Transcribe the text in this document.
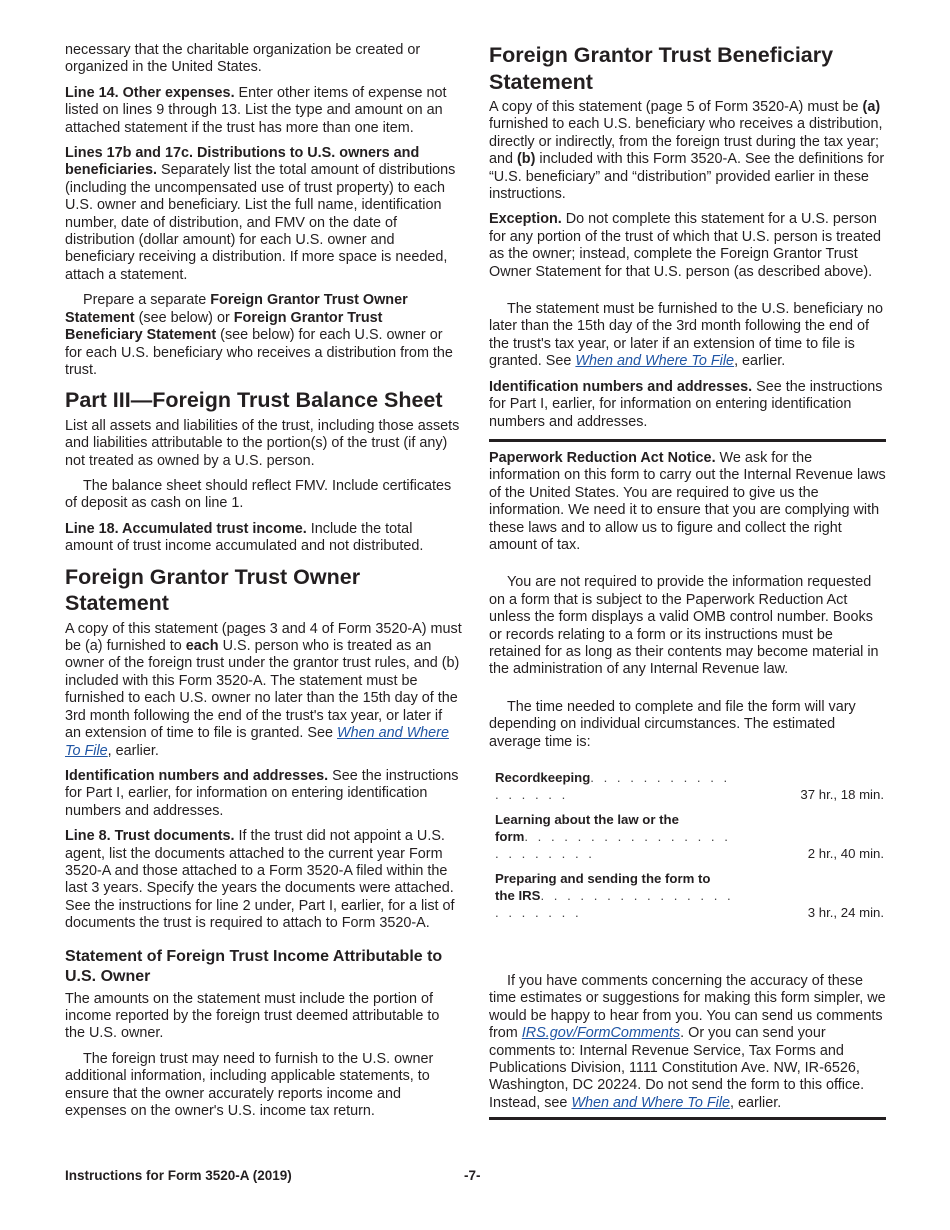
necessary that the charitable organization be created or organized in the United States.

Line 14. Other expenses. Enter other items of expense not listed on lines 9 through 13. List the type and amount on an attached statement if the trust has more than one item.

Lines 17b and 17c. Distributions to U.S. owners and beneficiaries. Separately list the total amount of distributions (including the uncompensated use of trust property) to each U.S. owner and beneficiary. List the full name, identification number, date of distribution, and FMV on the date of distribution (dollar amount) for each U.S. owner and beneficiary receiving a distribution. If more space is needed, attach a statement.

Prepare a separate Foreign Grantor Trust Owner Statement (see below) or Foreign Grantor Trust Beneficiary Statement (see below) for each U.S. owner or for each U.S. beneficiary who receives a distribution from the trust.

Part III—Foreign Trust Balance Sheet

List all assets and liabilities of the trust, including those assets and liabilities attributable to the portion(s) of the trust (if any) not treated as owned by a U.S. person.

The balance sheet should reflect FMV. Include certificates of deposit as cash on line 1.

Line 18. Accumulated trust income. Include the total amount of trust income accumulated and not distributed.

Foreign Grantor Trust Owner Statement

A copy of this statement (pages 3 and 4 of Form 3520-A) must be (a) furnished to each U.S. person who is treated as an owner of the foreign trust under the grantor trust rules, and (b) included with this Form 3520-A. The statement must be furnished to each U.S. owner no later than the 15th day of the 3rd month following the end of the trust's tax year, or later if an extension of time to file is granted. See When and Where To File, earlier.

Identification numbers and addresses. See the instructions for Part I, earlier, for information on entering identification numbers and addresses.

Line 8. Trust documents. If the trust did not appoint a U.S. agent, list the documents attached to the current year Form 3520-A and those attached to a Form 3520-A filed within the last 3 years. Specify the years the documents were attached. See the instructions for line 2 under, Part I, earlier, for a list of documents the trust is required to attach to Form 3520-A.

Statement of Foreign Trust Income Attributable to U.S. Owner

The amounts on the statement must include the portion of income reported by the foreign trust deemed attributable to the U.S. owner.

The foreign trust may need to furnish to the U.S. owner additional information, including applicable statements, to ensure that the owner accurately reports income and expenses on the owner's U.S. income tax return.

Foreign Grantor Trust Beneficiary Statement

A copy of this statement (page 5 of Form 3520-A) must be (a) furnished to each U.S. beneficiary who receives a distribution, directly or indirectly, from the foreign trust during the tax year; and (b) included with this Form 3520-A. See the definitions for “U.S. beneficiary” and “distribution” provided earlier in these instructions.

Exception. Do not complete this statement for a U.S. person for any portion of the trust of which that U.S. person is treated as the owner; instead, complete the Foreign Grantor Trust Owner Statement for that U.S. person (as described above).

The statement must be furnished to the U.S. beneficiary no later than the 15th day of the 3rd month following the end of the trust's tax year, or later if an extension of time to file is granted. See When and Where To File, earlier.

Identification numbers and addresses. See the instructions for Part I, earlier, for information on entering identification numbers and addresses.

Paperwork Reduction Act Notice. We ask for the information on this form to carry out the Internal Revenue laws of the United States. You are required to give us the information. We need it to ensure that you are complying with these laws and to allow us to figure and collect the right amount of tax.

You are not required to provide the information requested on a form that is subject to the Paperwork Reduction Act unless the form displays a valid OMB control number. Books or records relating to a form or its instructions must be retained for as long as their contents may become material in the administration of any Internal Revenue law.

The time needed to complete and file the form will vary depending on individual circumstances. The estimated average time is:

Recordkeeping. . . . . . . . . . . . . . . . .	37 hr., 18 min.
Learning about the law or the
form. . . . . . . . . . . . . . . . . . . . . . . .	2 hr., 40 min.
Preparing and sending the form to
the IRS. . . . . . . . . . . . . . . . . . . . . .	3 hr., 24 min.

If you have comments concerning the accuracy of these time estimates or suggestions for making this form simpler, we would be happy to hear from you. You can send us comments from IRS.gov/FormComments. Or you can send your comments to: Internal Revenue Service, Tax Forms and Publications Division, 1111 Constitution Ave. NW, IR-6526, Washington, DC 20224. Do not send the form to this office. Instead, see When and Where To File, earlier.

Instructions for Form 3520-A (2019)	-7-
